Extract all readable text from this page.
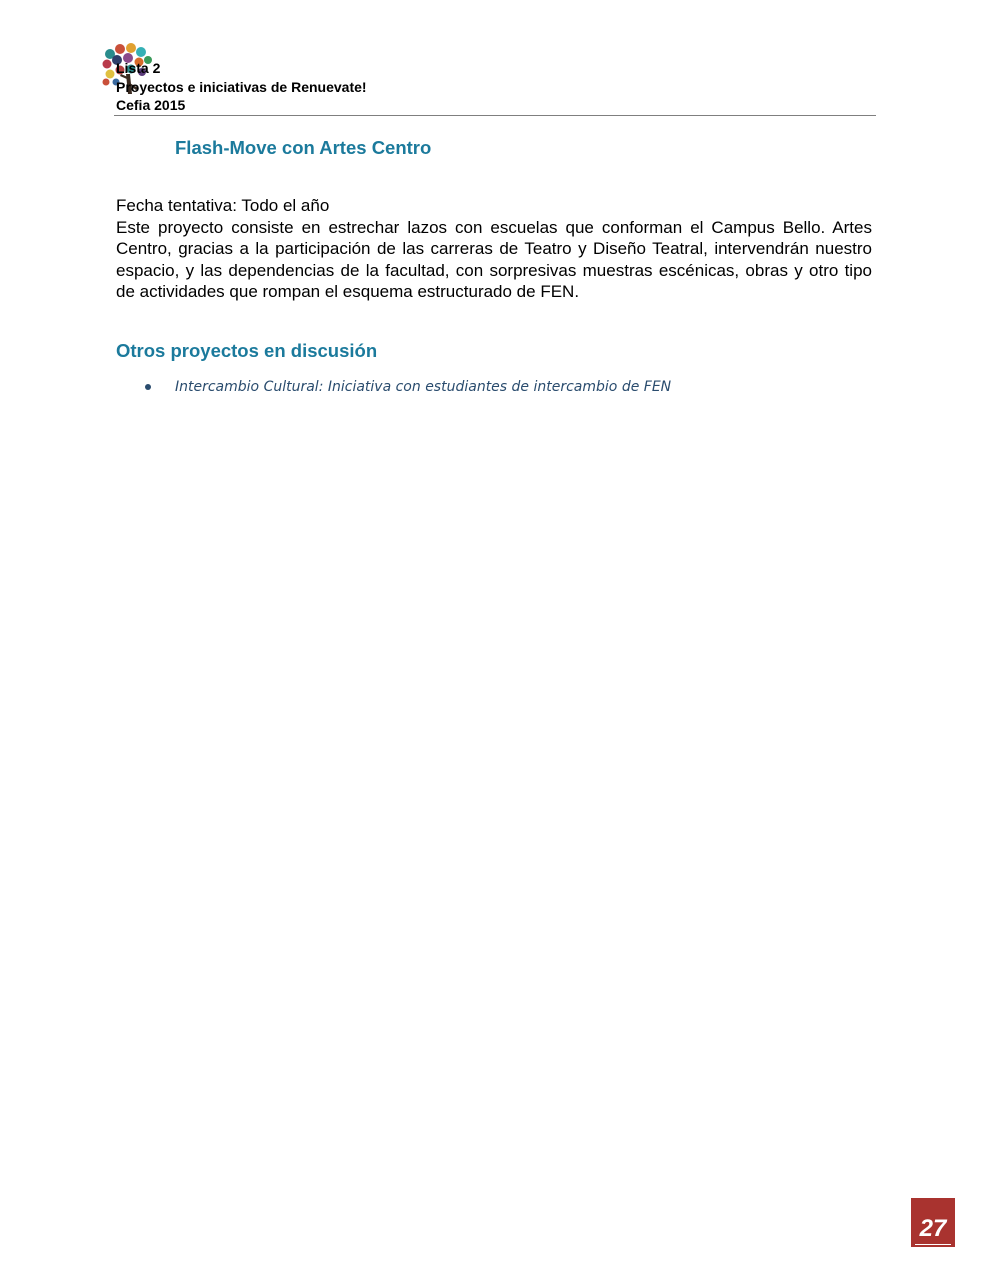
Lista 2
Proyectos e iniciativas de Renuevate!
Cefia 2015
Flash-Move con Artes Centro

Fecha tentativa: Todo el año

Este proyecto consiste en estrechar lazos con escuelas que conforman el Campus Bello. Artes Centro, gracias a la participación de las carreras de Teatro y Diseño Teatral, intervendrán nuestro espacio, y las dependencias de la facultad, con sorpresivas muestras escénicas, obras y otro tipo de actividades que rompan el esquema estructurado de FEN.

Otros proyectos en discusión
Intercambio Cultural: Iniciativa con estudiantes de intercambio de FEN
27
